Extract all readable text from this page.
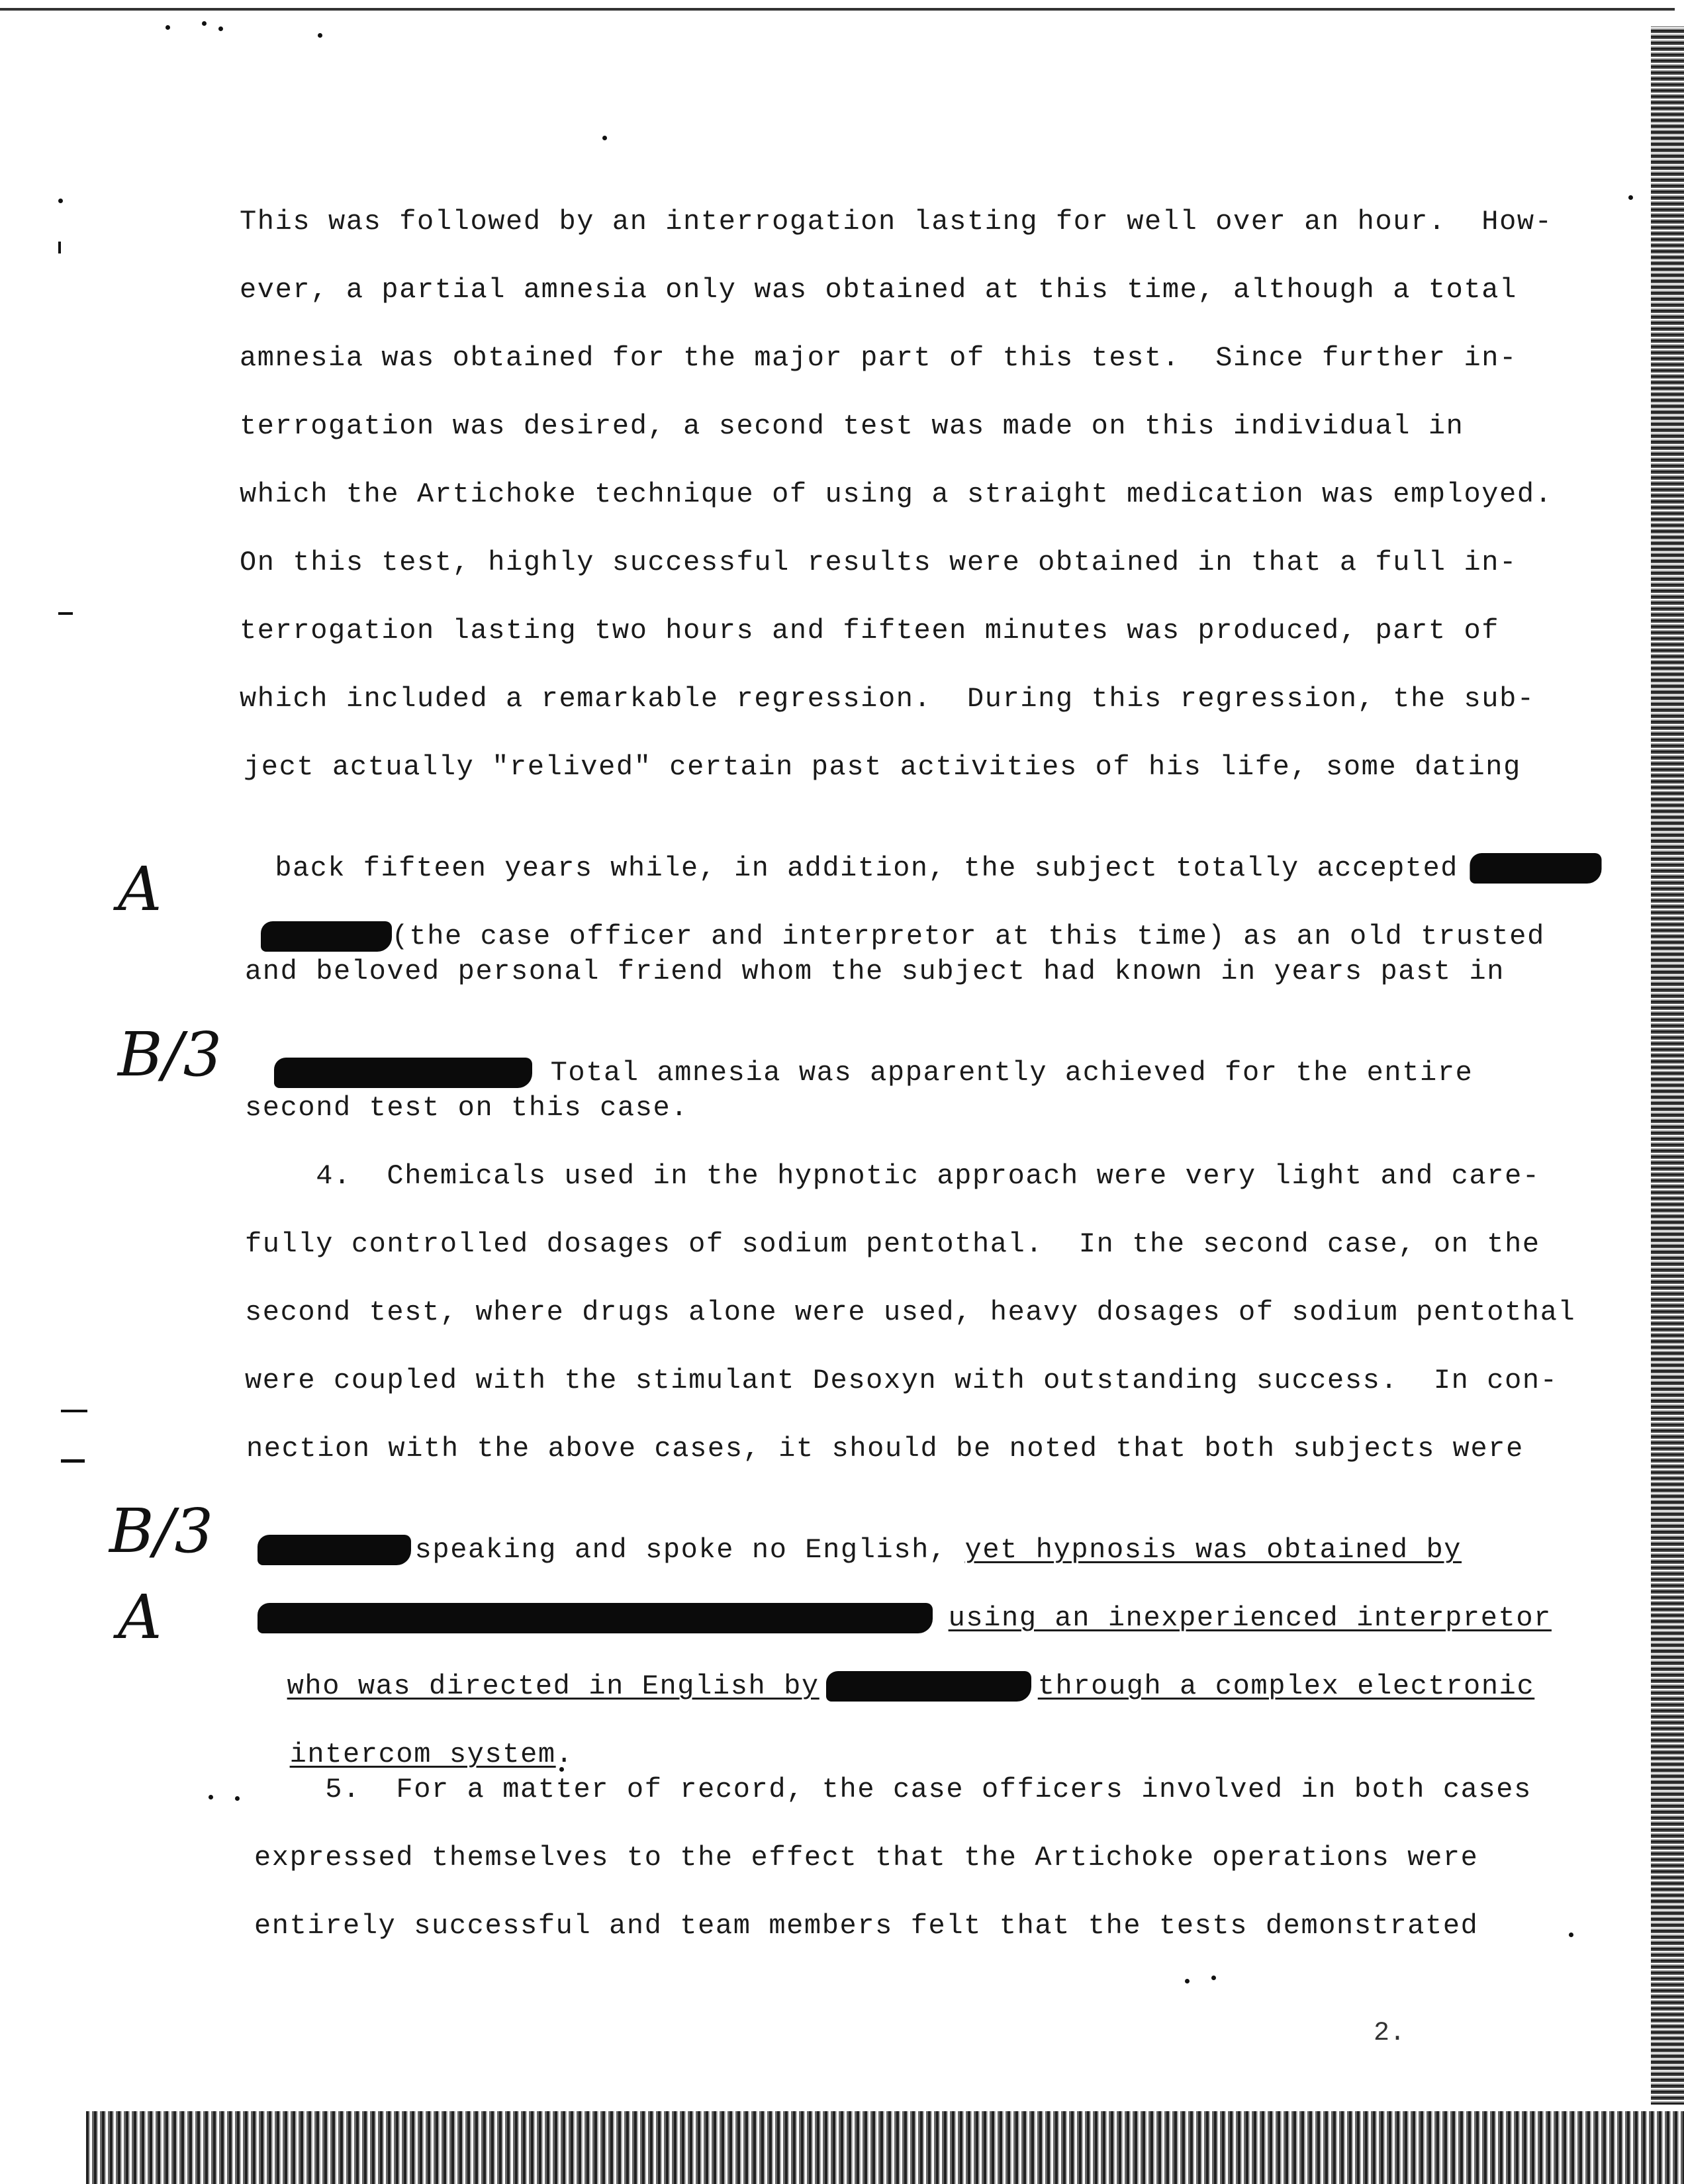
A
B/3
B/3
A
This was followed by an interrogation lasting for well over an hour.  How-
ever, a partial amnesia only was obtained at this time, although a total
amnesia was obtained for the major part of this test.  Since further in-
terrogation was desired, a second test was made on this individual in
which the Artichoke technique of using a straight medication was employed.
On this test, highly successful results were obtained in that a full in-
terrogation lasting two hours and fifteen minutes was produced, part of
which included a remarkable regression.  During this regression, the sub-
ject actually "relived" certain past activities of his life, some dating

back fifteen years while, in addition, the subject totally accepted

(the case officer and interpretor at this time) as an old trusted

and beloved personal friend whom the subject had known in years past in

Total amnesia was apparently achieved for the entire

second test on this case.
4.  Chemicals used in the hypnotic approach were very light and care-
fully controlled dosages of sodium pentothal.  In the second case, on the
second test, where drugs alone were used, heavy dosages of sodium pentothal
were coupled with the stimulant Desoxyn with outstanding success.  In con-
nection with the above cases, it should be noted that both subjects were

speaking and spoke no English, yet hypnosis was obtained by

using an inexperienced interpretor

who was directed in English by	through a complex electronic

intercom system.

5.  For a matter of record, the case officers involved in both cases
expressed themselves to the effect that the Artichoke operations were
entirely successful and team members felt that the tests demonstrated
2.
